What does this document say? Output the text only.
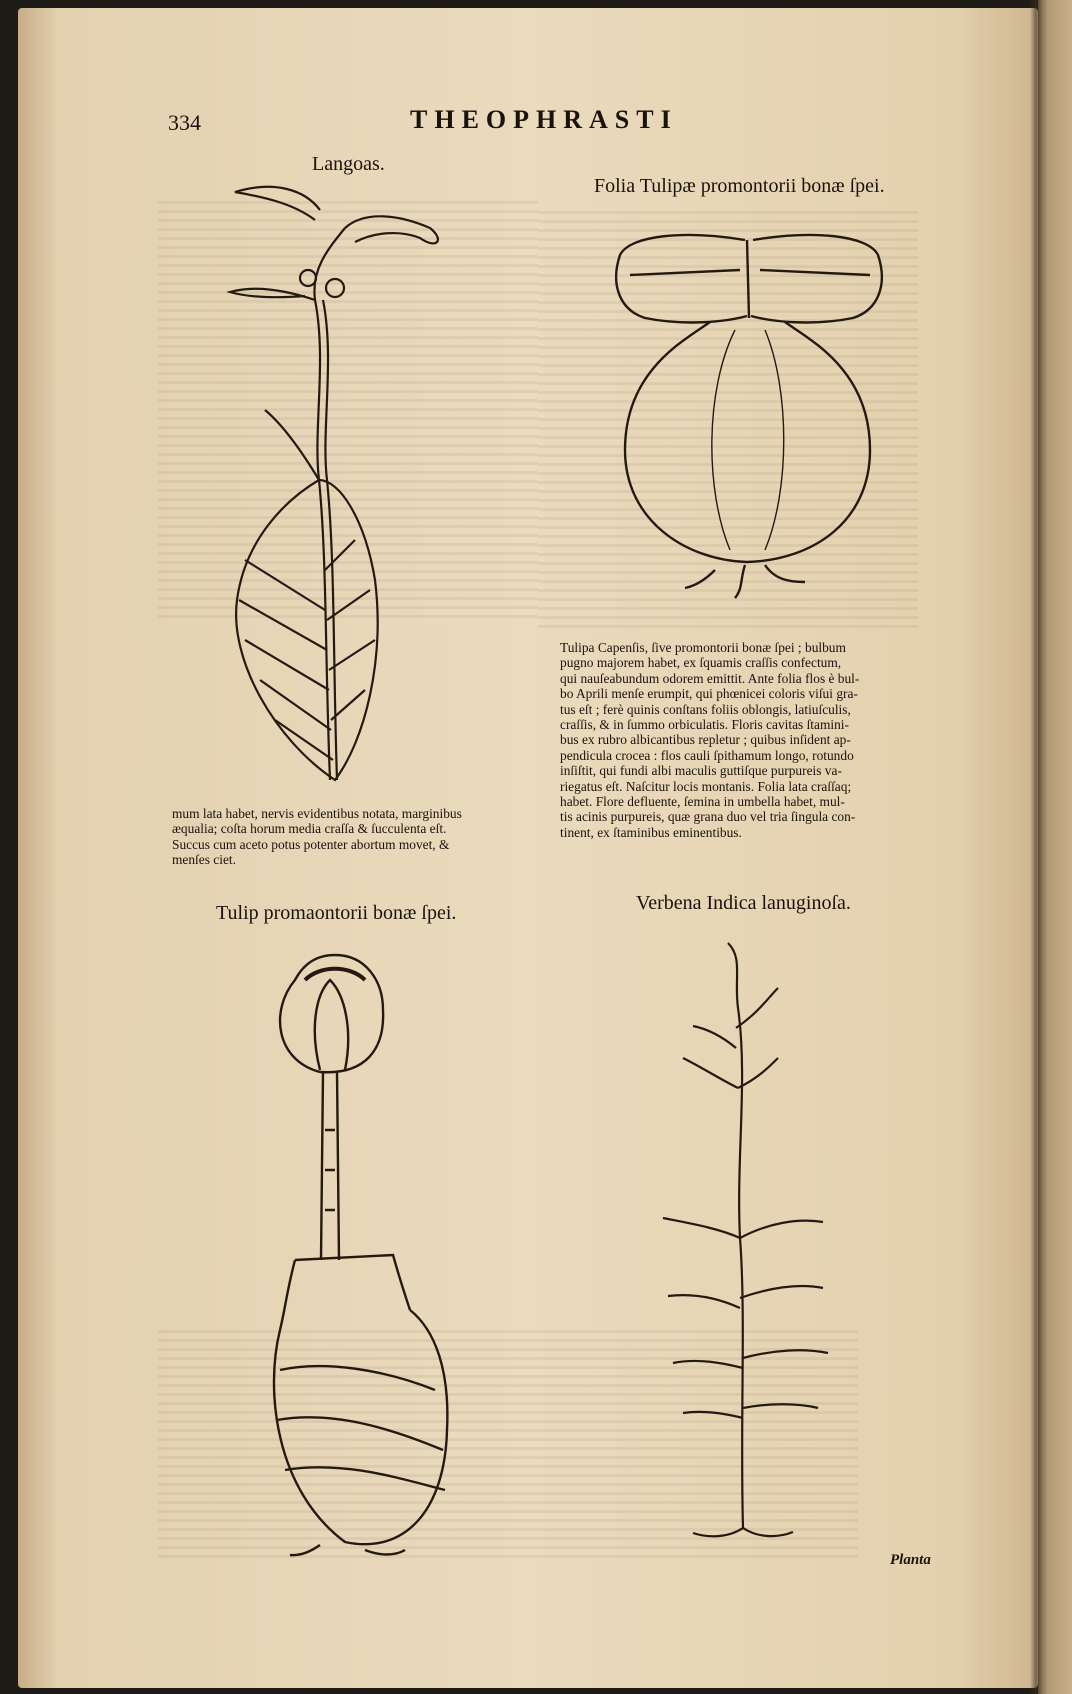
334	THEOPHRASTI
Langoas.
Folia Tulipæ promontorii bonæ ſpei.
Tulip promaontorii bonæ ſpei.	Verbena Indica lanuginoſa.

mum lata habet, nervis evidentibus notata, marginibus

æqualia; coſta horum media craſſa & ſucculenta eſt.

Succus cum aceto potus potenter abortum movet, &

menſes ciet.

Tulipa Capenſis, ſive promontorii bonæ ſpei ; bulbum

pugno majorem habet, ex ſquamis craſſis confectum,

qui nauſeabundum odorem emittit. Ante folia flos è bul-

bo Aprili menſe erumpit, qui phœnicei coloris viſui gra-

tus eſt ; ferè quinis conſtans foliis oblongis, latiuſculis,

craſſis, & in ſummo orbiculatis. Floris cavitas ſtamini-

bus ex rubro albicantibus repletur ; quibus inſident ap-

pendicula crocea : flos cauli ſpithamum longo, rotundo

inſiſtit, qui fundi albi maculis guttiſque purpureis va-

riegatus eſt. Naſcitur locis montanis. Folia lata craſſaq;

habet. Flore defluente, ſemina in umbella habet, mul-

tis acinis purpureis, quæ grana duo vel tria ſingula con-

tinent, ex ſtaminibus eminentibus.

Planta
